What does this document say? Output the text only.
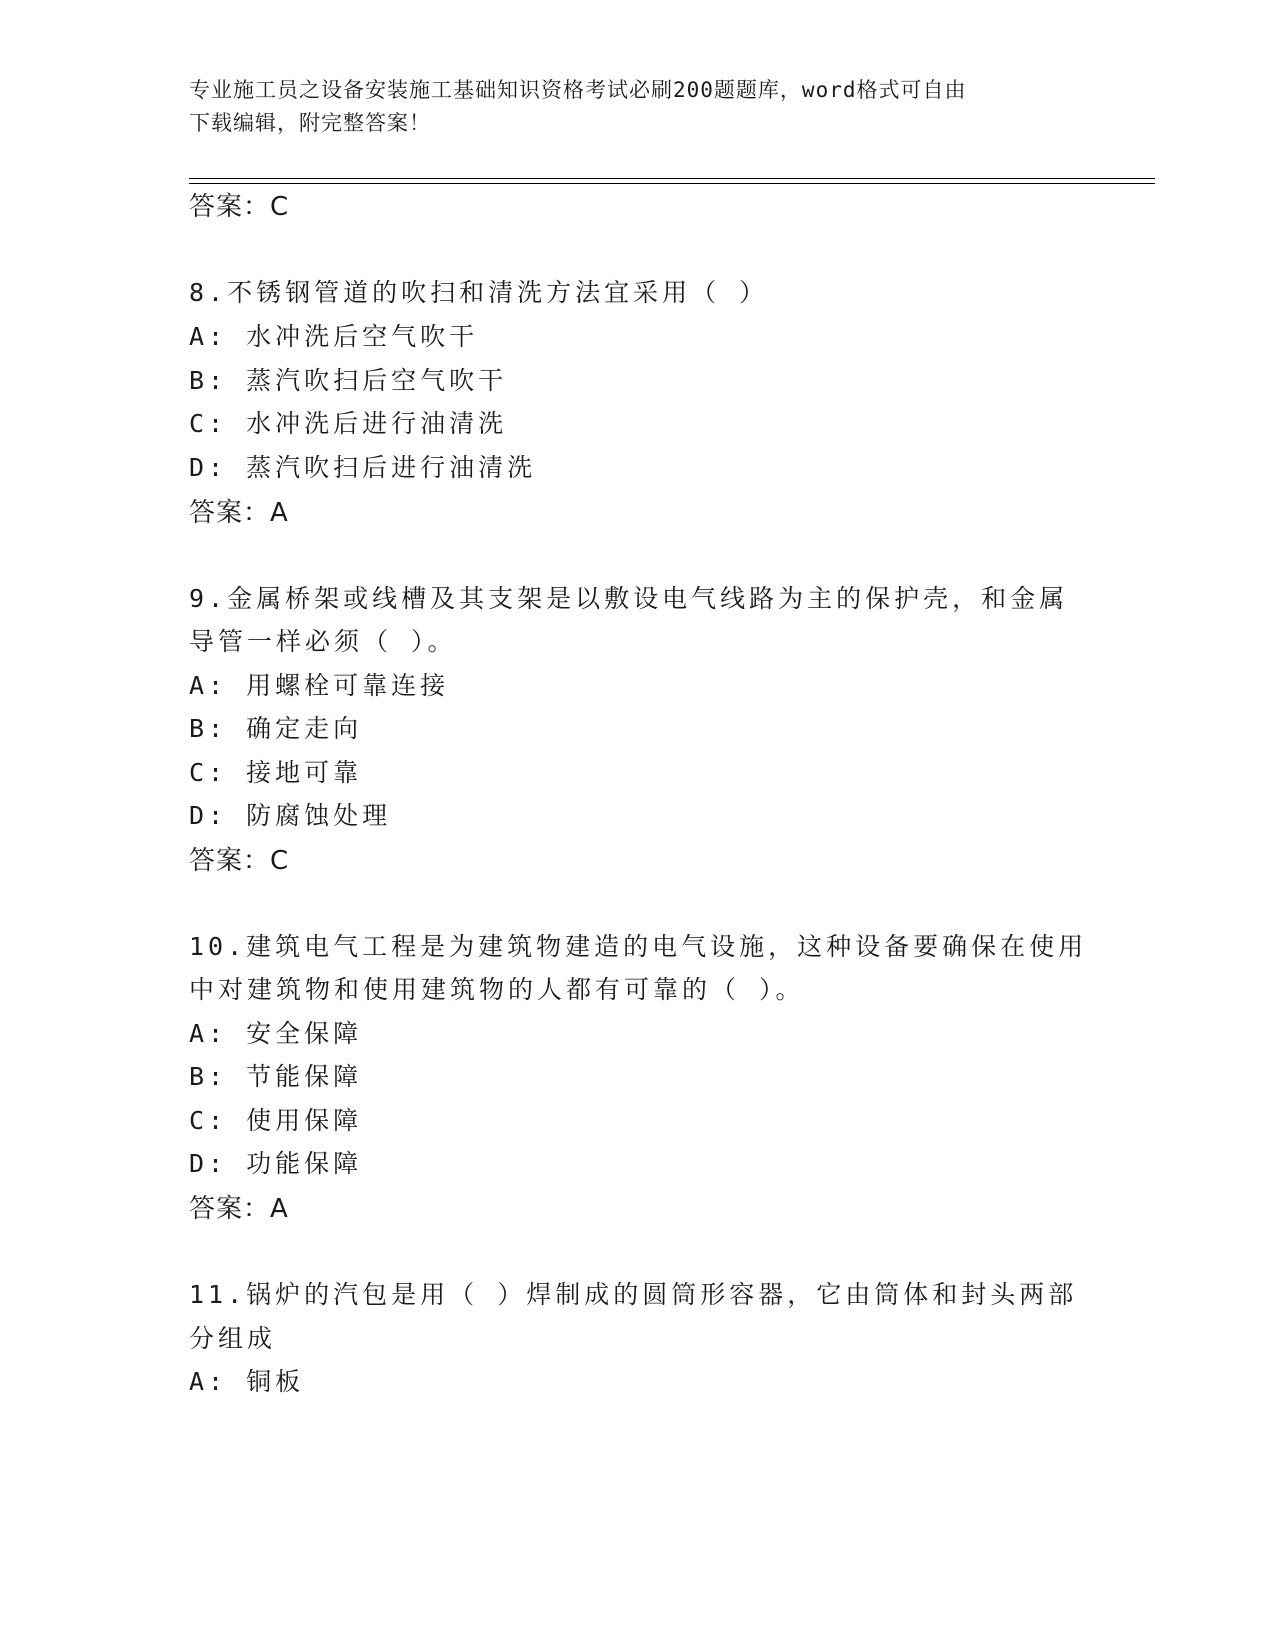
专业施工员之设备安装施工基础知识资格考试必刷200题题库，word格式可自由
下载编辑，附完整答案！
答案：C
8.不锈钢管道的吹扫和清洗方法宜采用（ ）
A: 水冲洗后空气吹干
B: 蒸汽吹扫后空气吹干
C: 水冲洗后进行油清洗
D: 蒸汽吹扫后进行油清洗
答案：A
9.金属桥架或线槽及其支架是以敷设电气线路为主的保护壳，和金属
导管一样必须（ ）。
A: 用螺栓可靠连接
B: 确定走向
C: 接地可靠
D: 防腐蚀处理
答案：C
10.建筑电气工程是为建筑物建造的电气设施，这种设备要确保在使用
中对建筑物和使用建筑物的人都有可靠的（ ）。
A: 安全保障
B: 节能保障
C: 使用保障
D: 功能保障
答案：A
11.锅炉的汽包是用（ ）焊制成的圆筒形容器，它由筒体和封头两部
分组成
A: 铜板
